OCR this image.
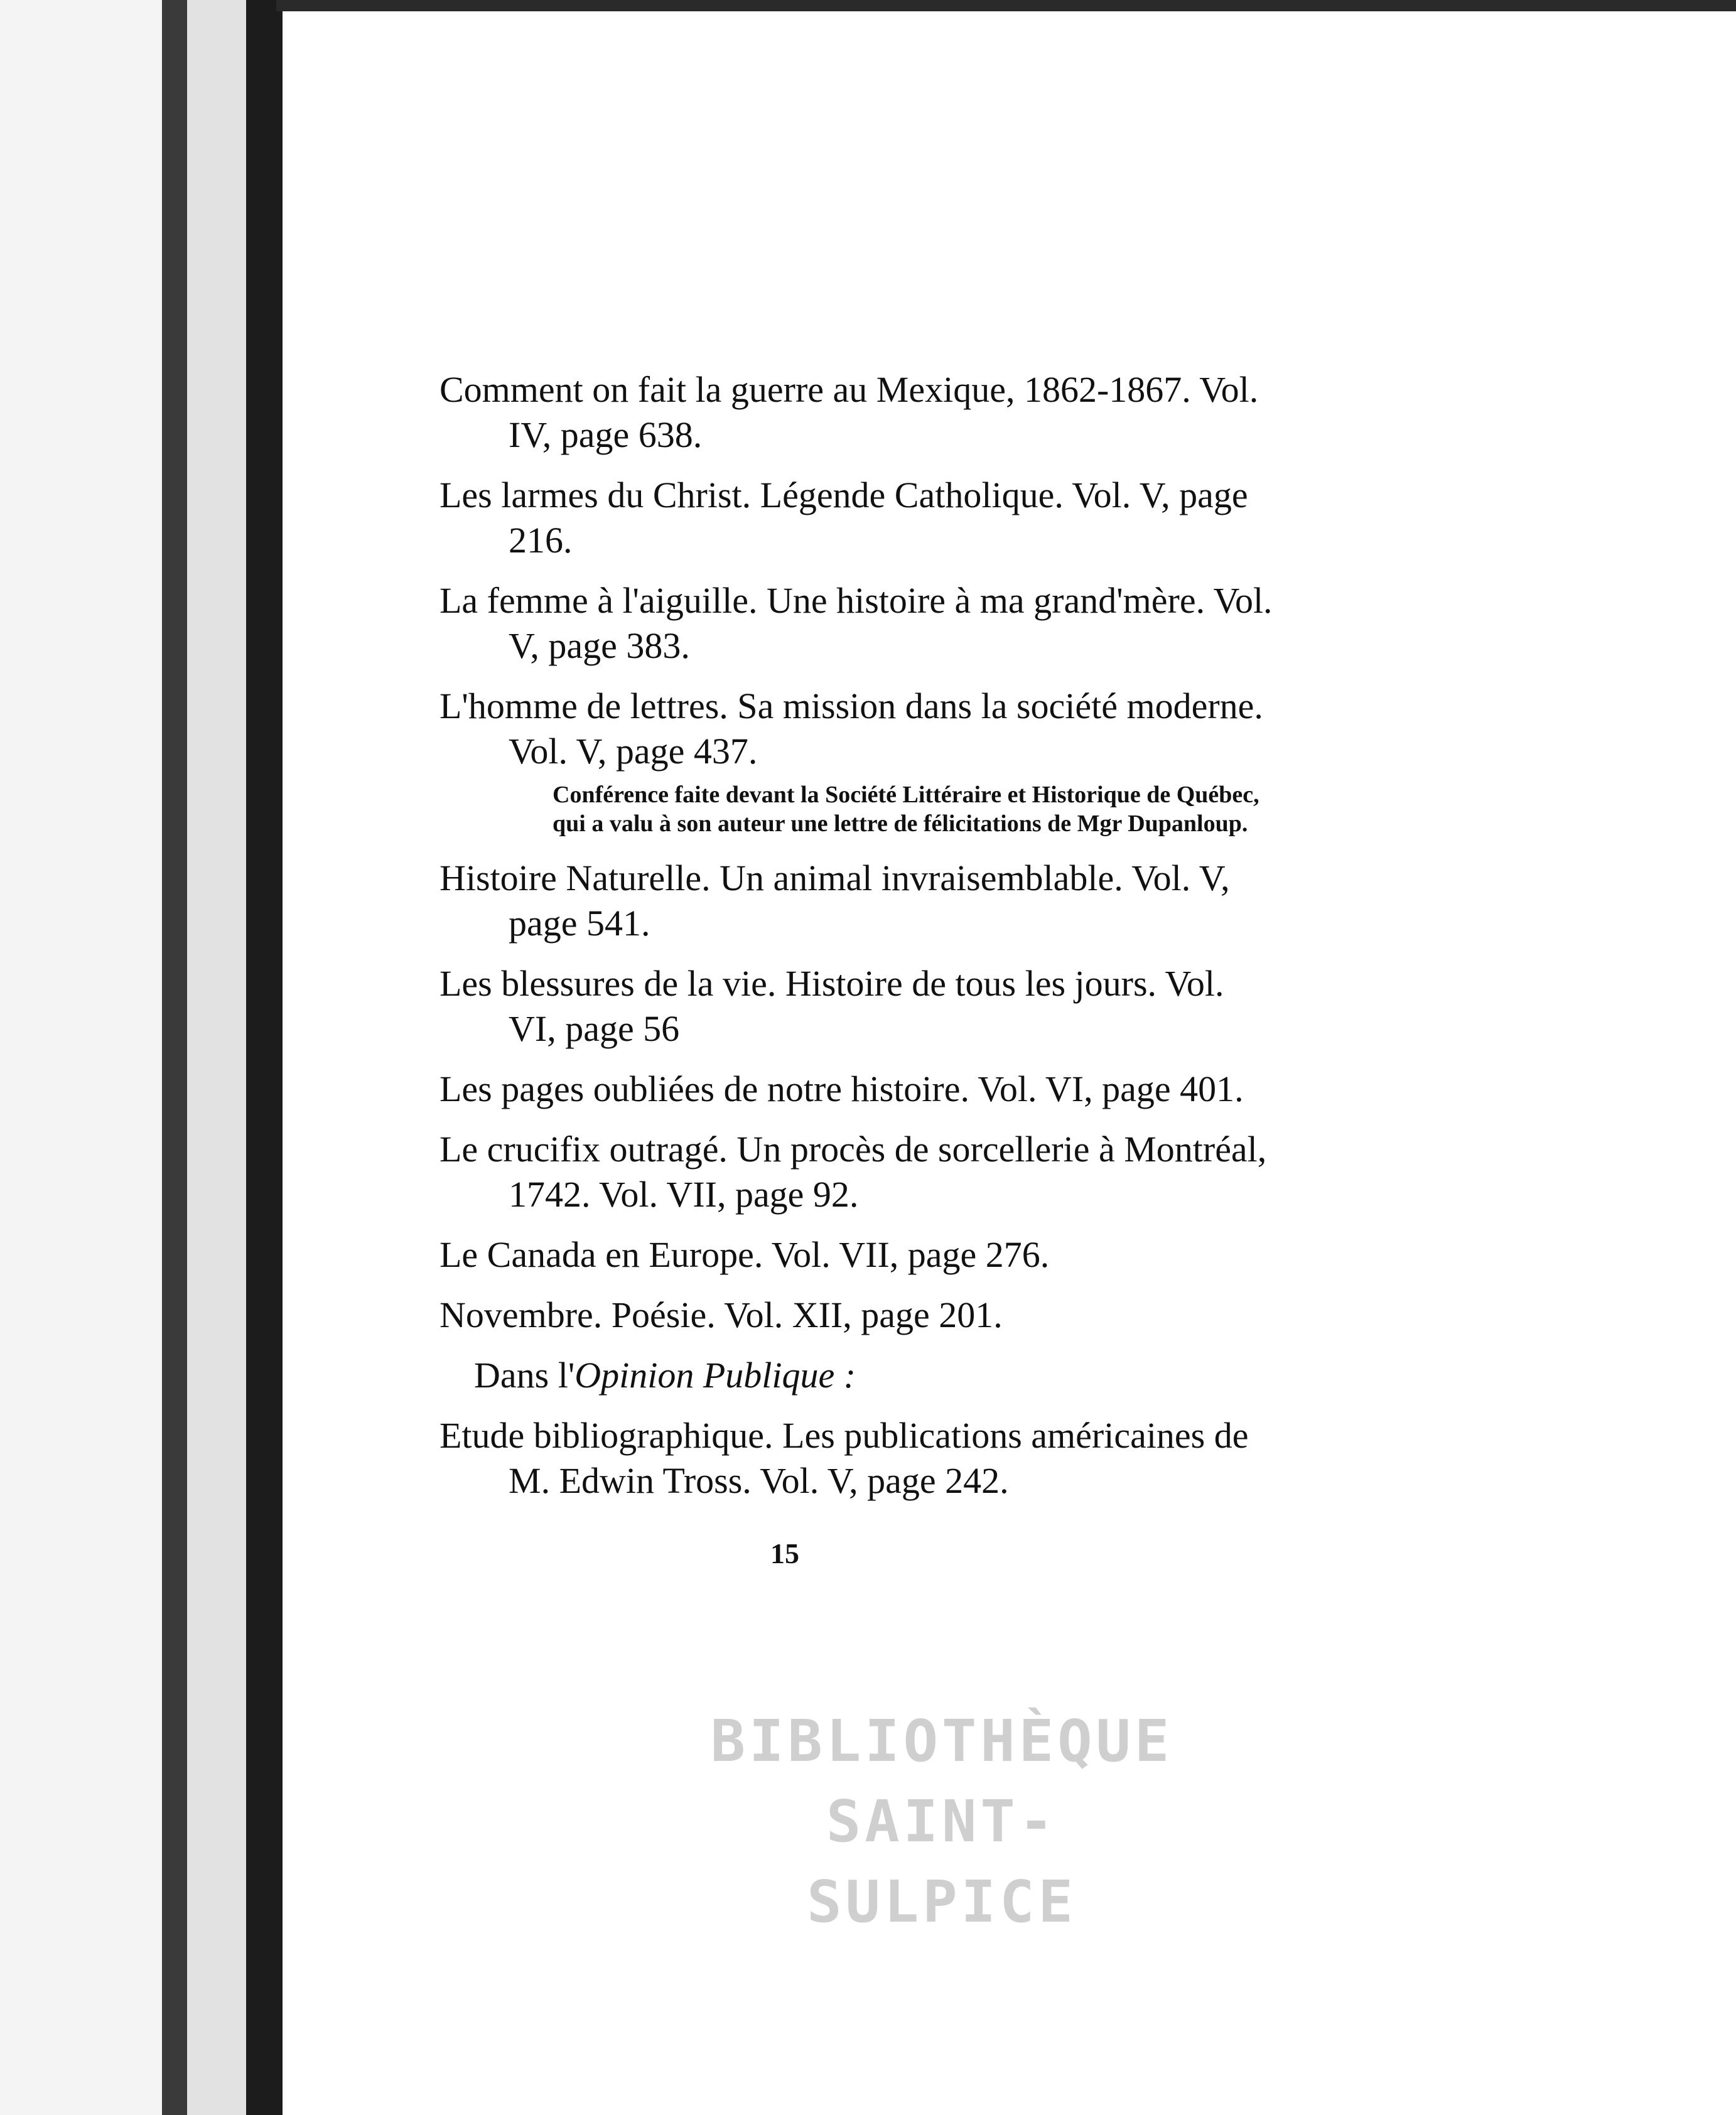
Comment on fait la guerre au Mexique, 1862-1867. Vol. IV, page 638.
Les larmes du Christ. Légende Catholique. Vol. V, page 216.
La femme à l'aiguille. Une histoire à ma grand'mère. Vol. V, page 383.
L'homme de lettres. Sa mission dans la société moderne. Vol. V, page 437.
Conférence faite devant la Société Littéraire et Historique de Québec, qui a valu à son auteur une lettre de félicitations de Mgr Dupanloup.
Histoire Naturelle. Un animal invraisemblable. Vol. V, page 541.
Les blessures de la vie. Histoire de tous les jours. Vol. VI, page 56
Les pages oubliées de notre histoire. Vol. VI, page 401.
Le crucifix outragé. Un procès de sorcellerie à Montréal, 1742. Vol. VII, page 92.
Le Canada en Europe. Vol. VII, page 276.
Novembre. Poésie. Vol. XII, page 201.
Dans l'Opinion Publique :
Etude bibliographique. Les publications américaines de M. Edwin Tross. Vol. V, page 242.
15
BIBLIOTHÈQUE
SAINT-SULPICE
